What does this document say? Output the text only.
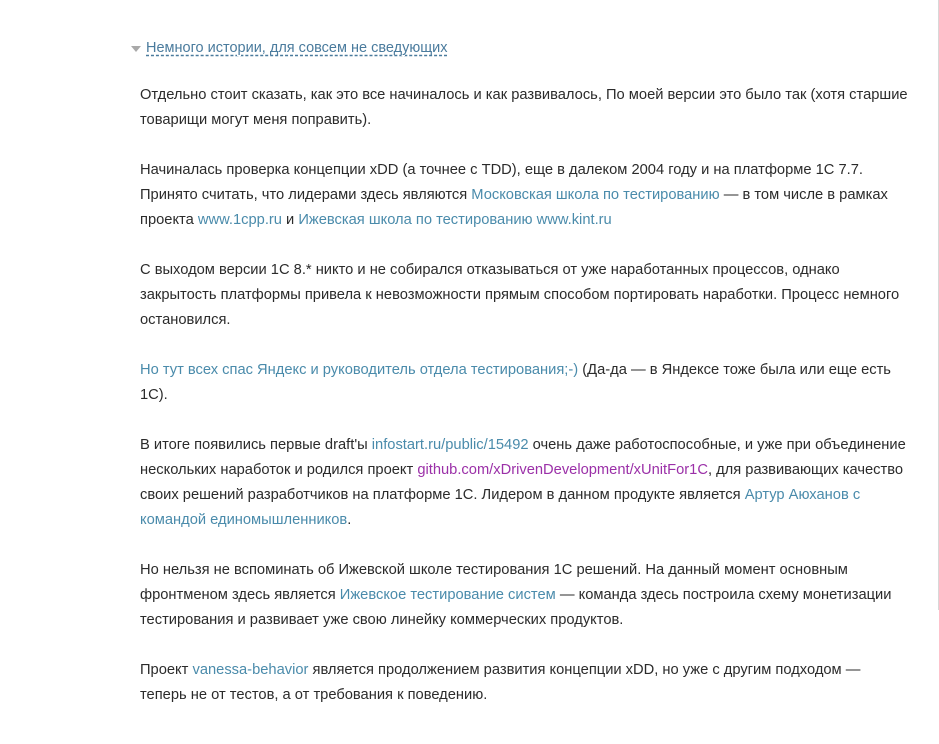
Немного истории, для совсем не сведующих

Отдельно стоит сказать, как это все начиналось и как развивалось, По моей версии это было так (хотя старшие товарищи могут меня поправить).

Начиналась проверка концепции xDD (а точнее с TDD), еще в далеком 2004 году и на платформе 1С 7.7. Принято считать, что лидерами здесь являются Московская школа по тестированию — в том числе в рамках проекта www.1cpp.ru и Ижевская школа по тестированию www.kint.ru

С выходом версии 1С 8.* никто и не собирался отказываться от уже наработанных процессов, однако закрытость платформы привела к невозможности прямым способом портировать наработки. Процесс немного остановился.

Но тут всех спас Яндекс и руководитель отдела тестирования;-) (Да-да — в Яндексе тоже была или еще есть 1С).

В итоге появились первые draft'ы infostart.ru/public/15492 очень даже работоспособные, и уже при объединение нескольких наработок и родился проект github.com/xDrivenDevelopment/xUnitFor1C, для развивающих качество своих решений разработчиков на платформе 1С. Лидером в данном продукте является Артур Аюханов с командой единомышленников.

Но нельзя не вспоминать об Ижевской школе тестирования 1С решений. На данный момент основным фронтменом здесь является Ижевское тестирование систем — команда здесь построила схему монетизации тестирования и развивает уже свою линейку коммерческих продуктов.

Проект vanessa-behavior является продолжением развития концепции xDD, но уже с другим подходом — теперь не от тестов, а от требования к поведению.
